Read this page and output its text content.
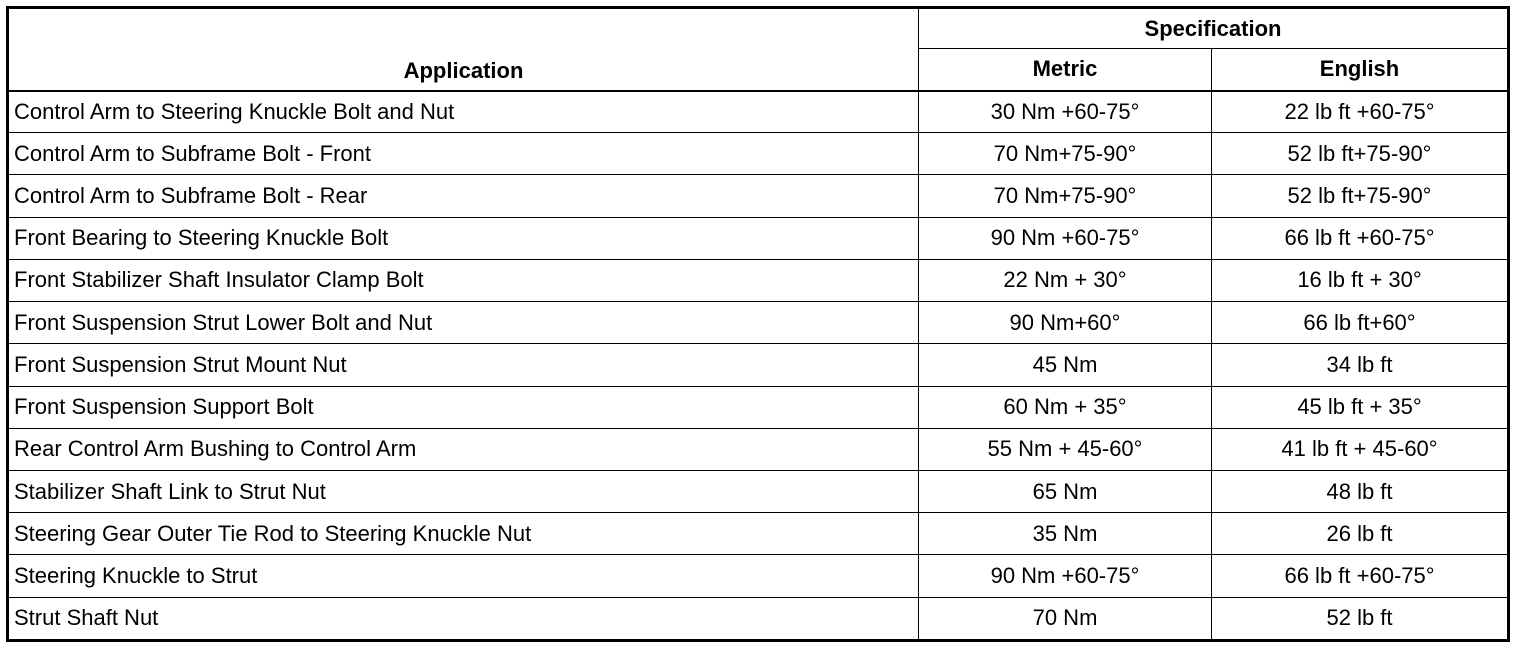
Application	Specification	
	Metric	English
Control Arm to Steering Knuckle Bolt and Nut	30 Nm +60-75°	22 lb ft +60-75°
Control Arm to Subframe Bolt - Front	70 Nm+75-90°	52 lb ft+75-90°
Control Arm to Subframe Bolt - Rear	70 Nm+75-90°	52 lb ft+75-90°
Front Bearing to Steering Knuckle Bolt	90 Nm +60-75°	66 lb ft +60-75°
Front Stabilizer Shaft Insulator Clamp Bolt	22 Nm + 30°	16 lb ft + 30°
Front Suspension Strut Lower Bolt and Nut	90 Nm+60°	66 lb ft+60°
Front Suspension Strut Mount Nut	45 Nm	34 lb ft
Front Suspension Support Bolt	60 Nm + 35°	45 lb ft + 35°
Rear Control Arm Bushing to Control Arm	55 Nm + 45-60°	41 lb ft + 45-60°
Stabilizer Shaft Link to Strut Nut	65 Nm	48 lb ft
Steering Gear Outer Tie Rod to Steering Knuckle Nut	35 Nm	26 lb ft
Steering Knuckle to Strut	90 Nm +60-75°	66 lb ft +60-75°
Strut Shaft Nut	70 Nm	52 lb ft
